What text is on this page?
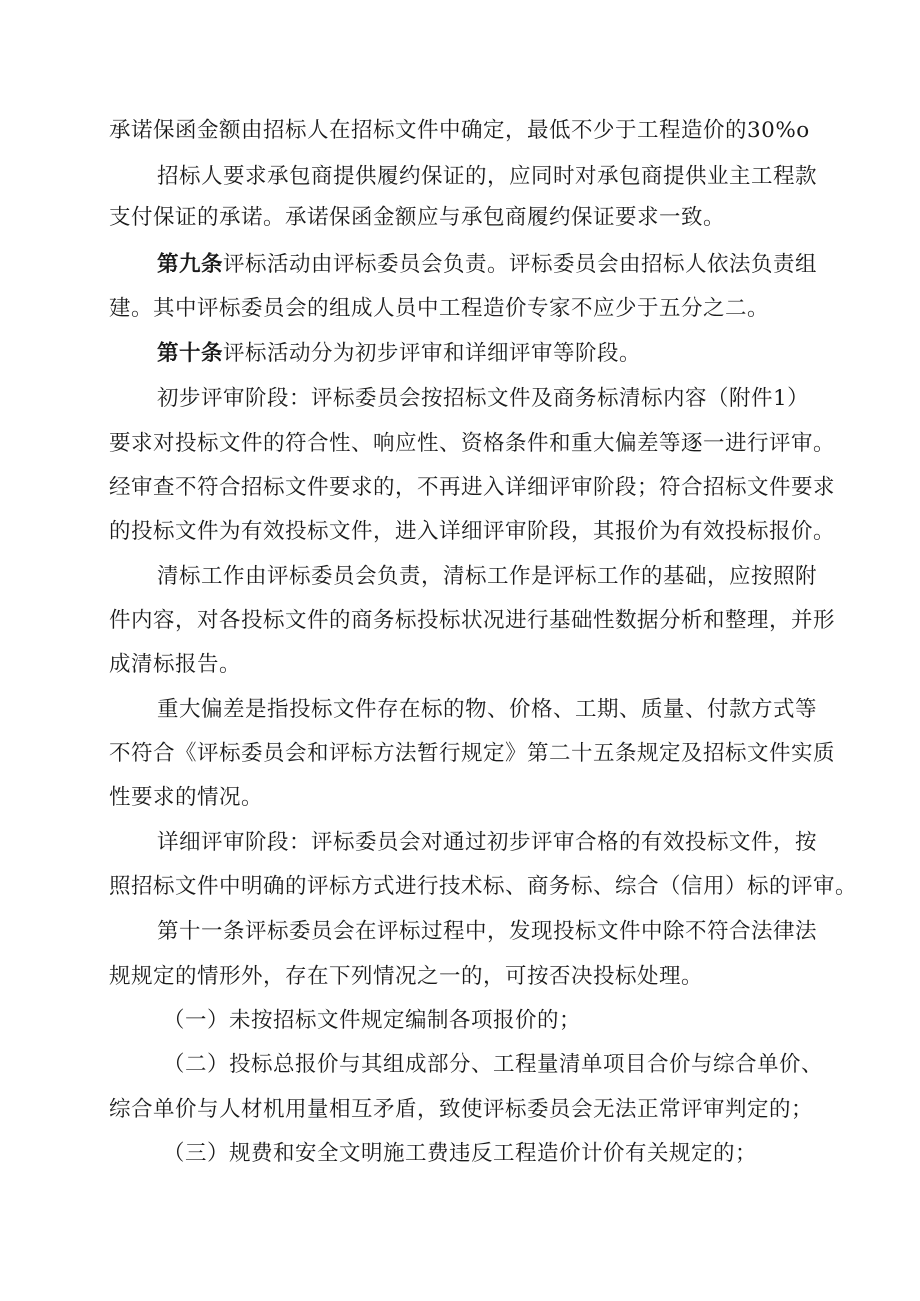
承诺保函金额由招标人在招标文件中确定，最低不少于工程造价的30%o
招标人要求承包商提供履约保证的，应同时对承包商提供业主工程款
支付保证的承诺。承诺保函金额应与承包商履约保证要求一致。
第九条评标活动由评标委员会负责。评标委员会由招标人依法负责组
建。其中评标委员会的组成人员中工程造价专家不应少于五分之二。
第十条评标活动分为初步评审和详细评审等阶段。
初步评审阶段：评标委员会按招标文件及商务标清标内容（附件1）
要求对投标文件的符合性、响应性、资格条件和重大偏差等逐一进行评审。
经审查不符合招标文件要求的，不再进入详细评审阶段；符合招标文件要求
的投标文件为有效投标文件，进入详细评审阶段，其报价为有效投标报价。
清标工作由评标委员会负责，清标工作是评标工作的基础，应按照附
件内容，对各投标文件的商务标投标状况进行基础性数据分析和整理，并形
成清标报告。
重大偏差是指投标文件存在标的物、价格、工期、质量、付款方式等
不符合《评标委员会和评标方法暂行规定》第二十五条规定及招标文件实质
性要求的情况。
详细评审阶段：评标委员会对通过初步评审合格的有效投标文件，按
照招标文件中明确的评标方式进行技术标、商务标、综合（信用）标的评审。
第十一条评标委员会在评标过程中，发现投标文件中除不符合法律法
规规定的情形外，存在下列情况之一的，可按否决投标处理。
（一）未按招标文件规定编制各项报价的；
（二）投标总报价与其组成部分、工程量清单项目合价与综合单价、
综合单价与人材机用量相互矛盾，致使评标委员会无法正常评审判定的；
（三）规费和安全文明施工费违反工程造价计价有关规定的；
